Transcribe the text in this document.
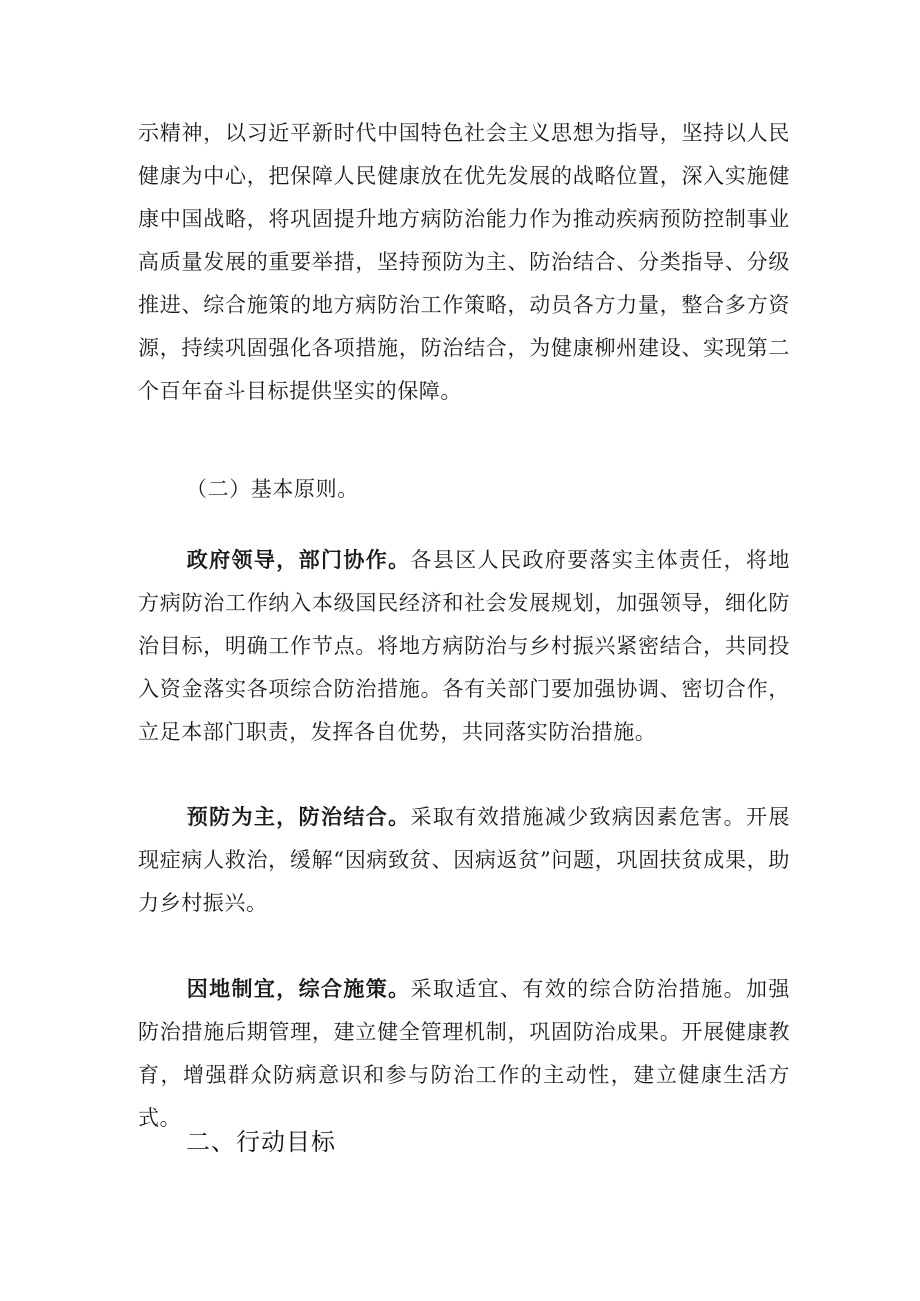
示精神，以习近平新时代中国特色社会主义思想为指导，坚持以人民健康为中心，把保障人民健康放在优先发展的战略位置，深入实施健康中国战略，将巩固提升地方病防治能力作为推动疾病预防控制事业高质量发展的重要举措，坚持预防为主、防治结合、分类指导、分级推进、综合施策的地方病防治工作策略，动员各方力量，整合多方资源，持续巩固强化各项措施，防治结合，为健康柳州建设、实现第二个百年奋斗目标提供坚实的保障。

（二）基本原则。

政府领导，部门协作。各县区人民政府要落实主体责任，将地方病防治工作纳入本级国民经济和社会发展规划，加强领导，细化防治目标，明确工作节点。将地方病防治与乡村振兴紧密结合，共同投入资金落实各项综合防治措施。各有关部门要加强协调、密切合作，立足本部门职责，发挥各自优势，共同落实防治措施。

预防为主，防治结合。采取有效措施减少致病因素危害。开展现症病人救治，缓解“因病致贫、因病返贫”问题，巩固扶贫成果，助力乡村振兴。

因地制宜，综合施策。采取适宜、有效的综合防治措施。加强防治措施后期管理，建立健全管理机制，巩固防治成果。开展健康教育，增强群众防病意识和参与防治工作的主动性，建立健康生活方式。

二、行动目标
